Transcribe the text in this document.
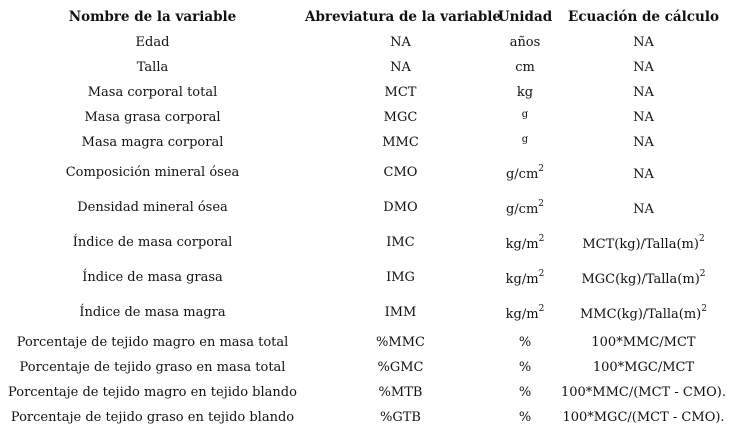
Nombre de la variable	Abreviatura de la variable	Unidad	Ecuación de cálculo
Edad	NA	años	NA
Talla	NA	cm	NA
Masa corporal total	MCT	kg	NA
Masa grasa corporal	MGC	$^g$	NA
Masa magra corporal	MMC	$^g$	NA
Composición mineral ósea	CMO	$g/cm^2$	NA
Densidad mineral ósea	DMO	$g/cm^2$	NA
Índice de masa corporal	IMC	$kg/m^2$	$MCT(kg)/Talla(m)^2$
Índice de masa grasa	IMG	$kg/m^2$	$MGC(kg)/Talla(m)^2$
Índice de masa magra	IMM	$kg/m^2$	$MMC(kg)/Talla(m)^2$
Porcentaje de tejido magro en masa total	%MMC	%	100*MMC/MCT
Porcentaje de tejido graso en masa total	%GMC	%	100*MGC/MCT
Porcentaje de tejido magro en tejido blando	%MTB	%	100*MMC/(MCT - CMO).
Porcentaje de tejido graso en tejido blando	%GTB	%	100*MGC/(MCT - CMO).
